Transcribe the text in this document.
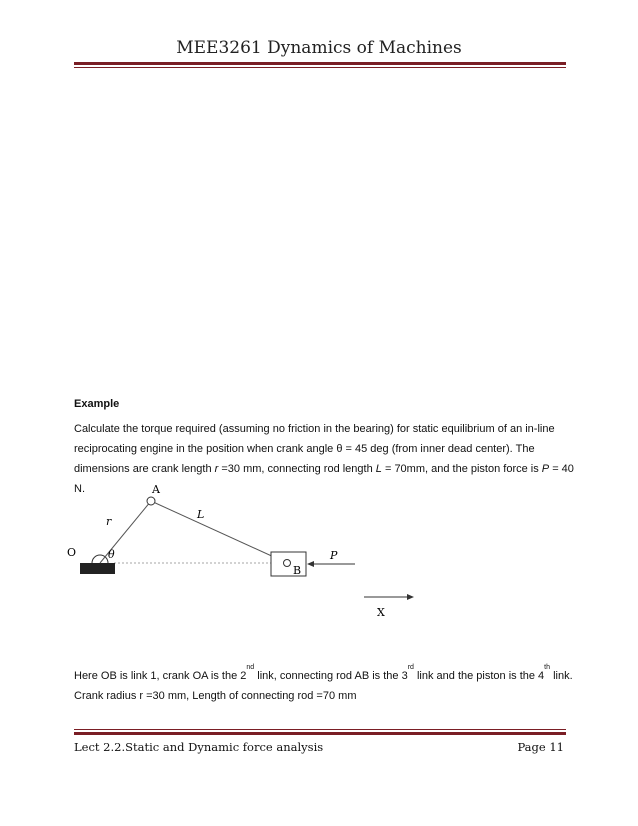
MEE3261 Dynamics of Machines
Example
Calculate the torque required (assuming no friction in the bearing) for static equilibrium of an in-line
reciprocating engine in the position when crank angle θ = 45 deg (from inner dead center). The
dimensions are crank length r =30 mm, connecting rod length L = 70mm, and the piston force is P = 40 N.	A
L
r
O	θ	P
B
X
Here OB is link 1, crank OA is the 2nd link, connecting rod AB is the 3rd link and the piston is the 4th link.
Crank radius r =30 mm, Length of connecting rod =70 mm
Lect 2.2.Static and Dynamic force analysis	Page 11
